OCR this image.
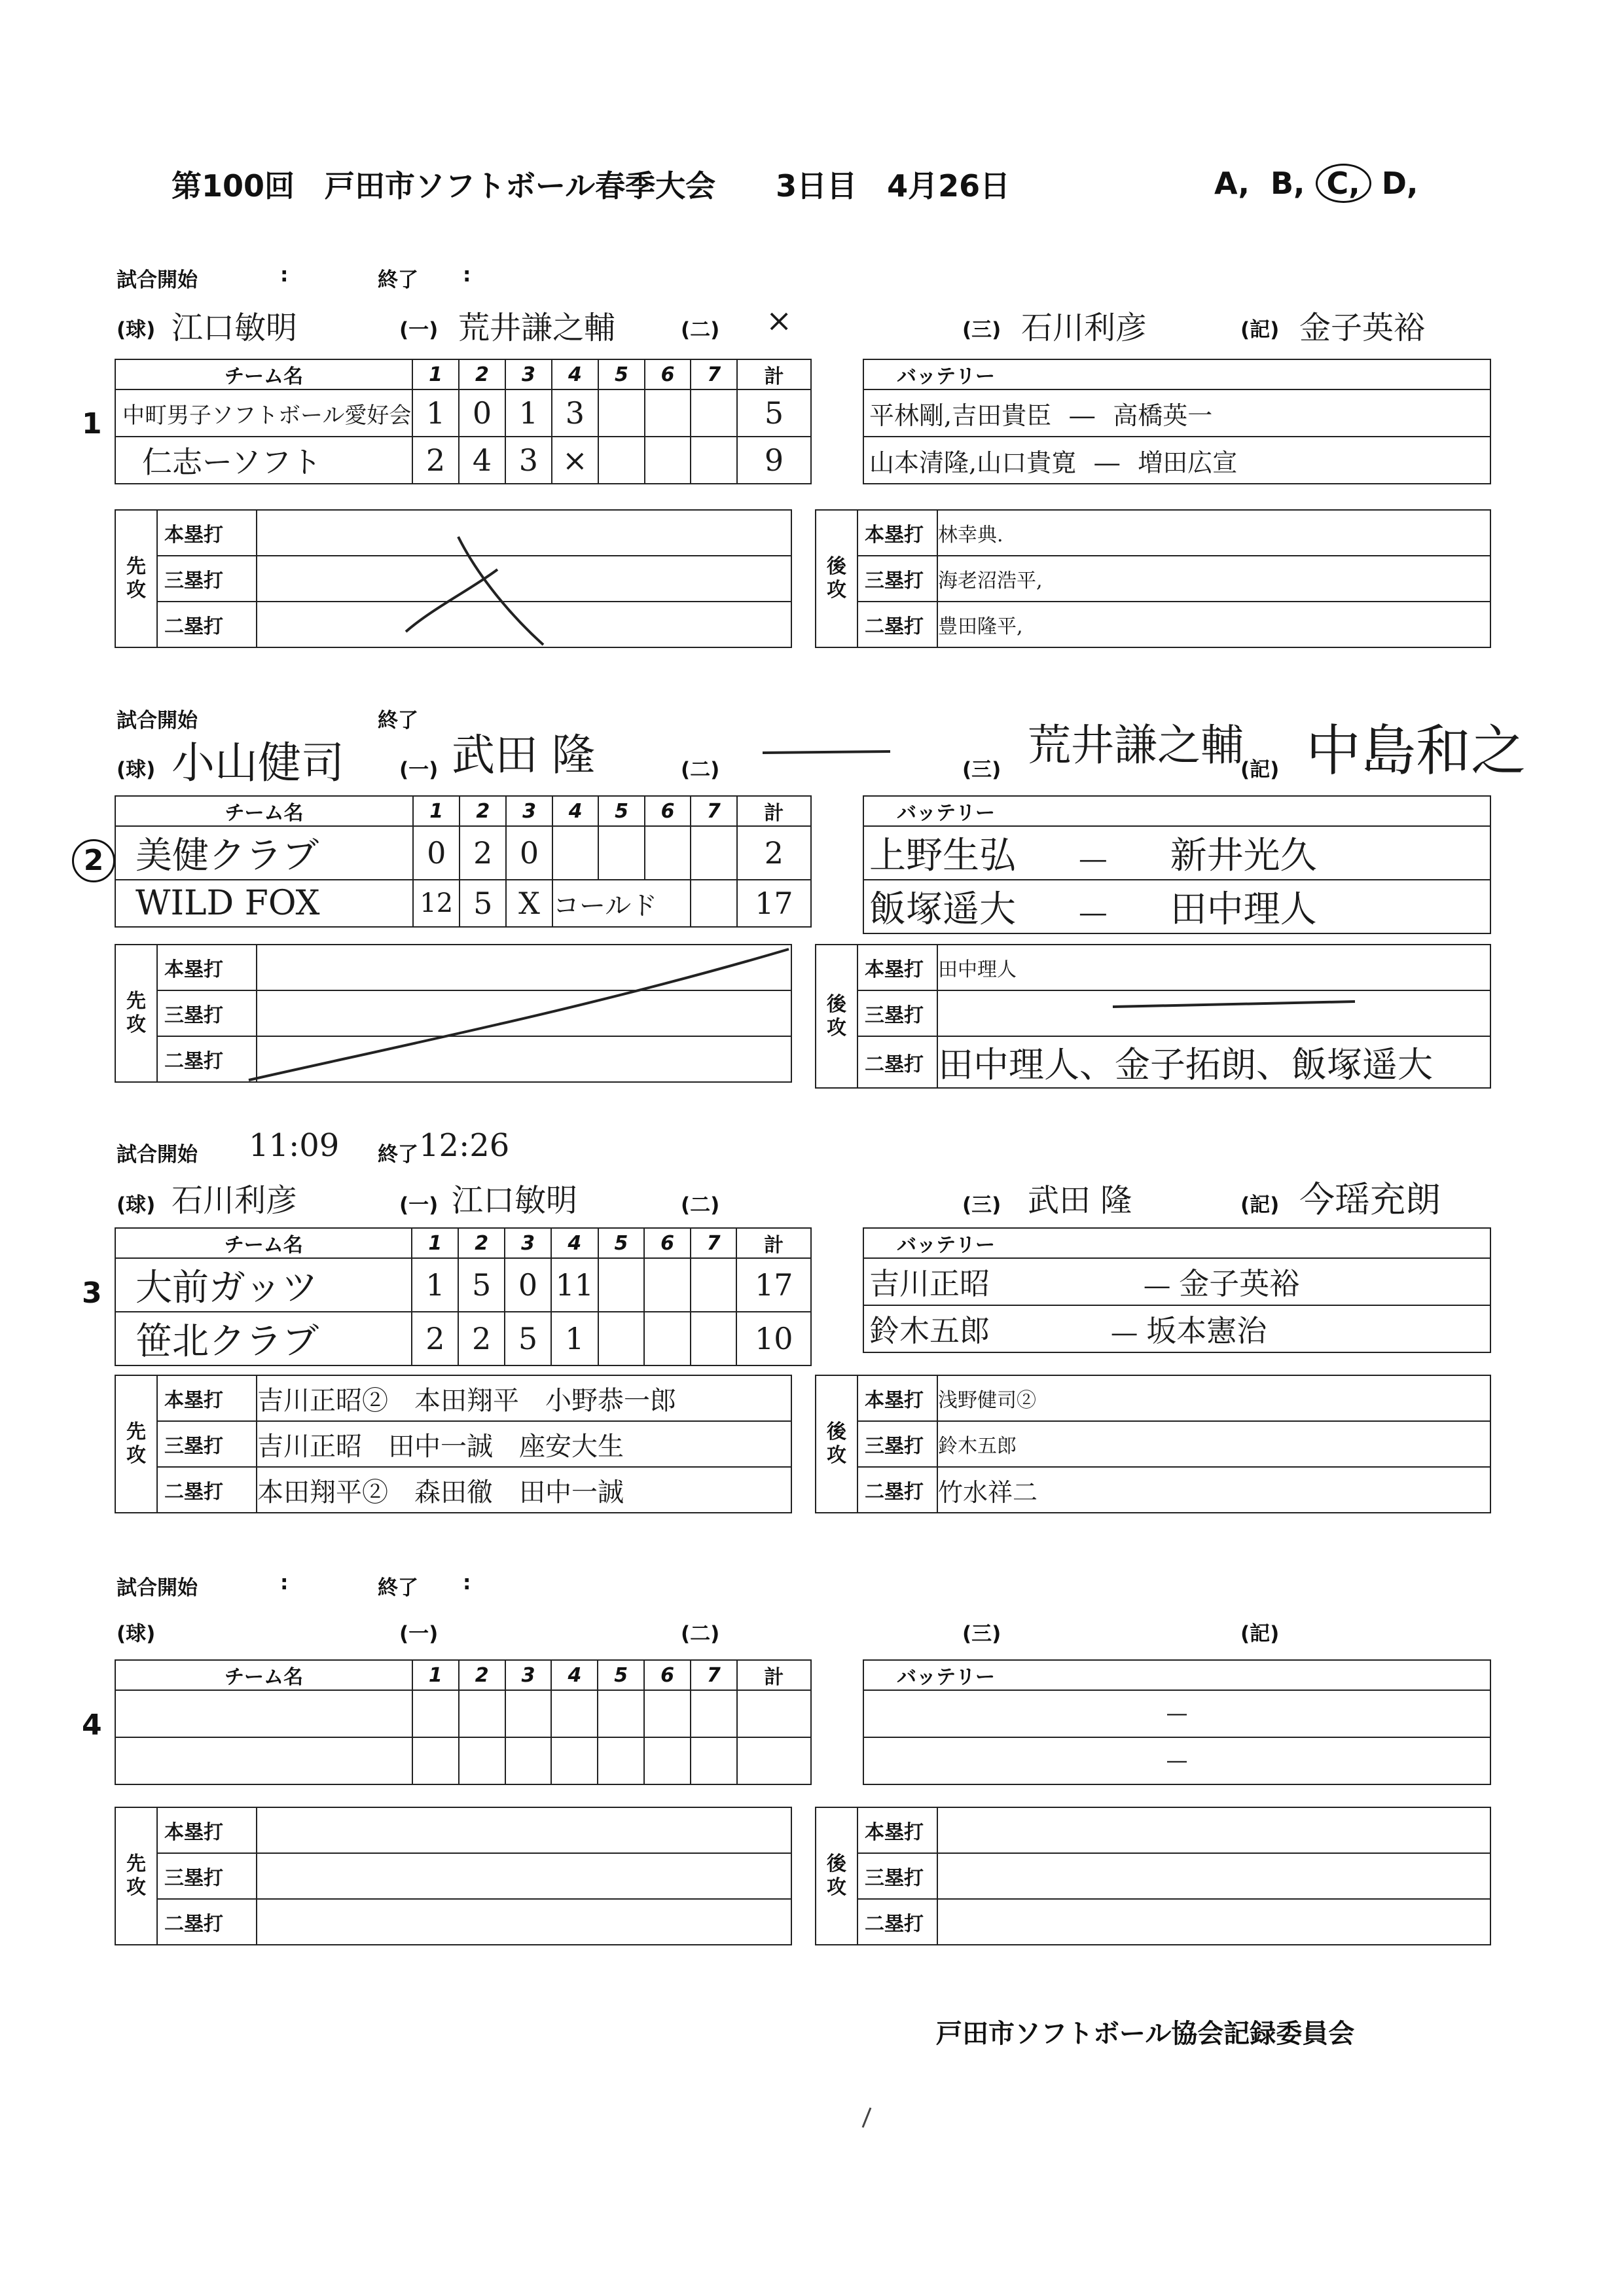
第100回　戸田市ソフトボール春季大会　　3日目　4月26日	A, B, C, D,
試合開始	:	終了 :
(球) 江口敏明	(一) 荒井謙之輔	(二) ×	(三) 石川利彦	(記) 金子英裕
1
チーム名	1	2	3	4	5	6	7	計
中町男子ソフトボール愛好会	1	0	1	3				5
仁志ーソフト	2	4	3	×				9
バッテリー
平林剛,吉田貴臣 ― 高橋英一
山本清隆,山口貴寛 ― 増田広宣
先
攻	本塁打	
	三塁打	
	二塁打	
後
攻	本塁打	林幸典.
	三塁打	海老沼浩平,
	二塁打	豊田隆平,
試合開始	終了
(球) 小山健司	(一) 武田 隆	(二)	(三) 荒井謙之輔
(記) 中島和之
2
チーム名	1	2	3	4	5	6	7	計
美健クラブ	0	2	0					2
WILD FOX	12	5	X	コールド				17
バッテリー
上野生弘 ― 新井光久
飯塚遥大 ― 田中理人
先
攻	本塁打	
	三塁打	
	二塁打	
後
攻	本塁打	田中理人
	三塁打	
	二塁打	田中理人、金子拓朗、飯塚遥大
試合開始 11:09 終了 12:26
(球) 石川利彦	(一) 江口敏明	(二)	(三) 武田 隆	(記) 今瑶充朗
3
チーム名	1	2	3	4	5	6	7	計
大前ガッツ	1	5	0	11				17
笹北クラブ	2	2	5	1				10
バッテリー
吉川正昭	― 金子英裕
鈴木五郎	― 坂本憲治
先
攻	本塁打	吉川正昭②　本田翔平　小野恭一郎
	三塁打	吉川正昭　田中一誠　座安大生
	二塁打	本田翔平②　森田徹　田中一誠
後
攻	本塁打	浅野健司②
	三塁打	鈴木五郎
	二塁打	竹水祥二
試合開始	:	終了 :
(球)	(一)	(二)	(三)	(記)
4
チーム名	1	2	3	4	5	6	7	計

									バッテリー
―
―
先
攻	本塁打	
	三塁打	
	二塁打	
後
攻	本塁打	
	三塁打	
	二塁打	
戸田市ソフトボール協会記録委員会
